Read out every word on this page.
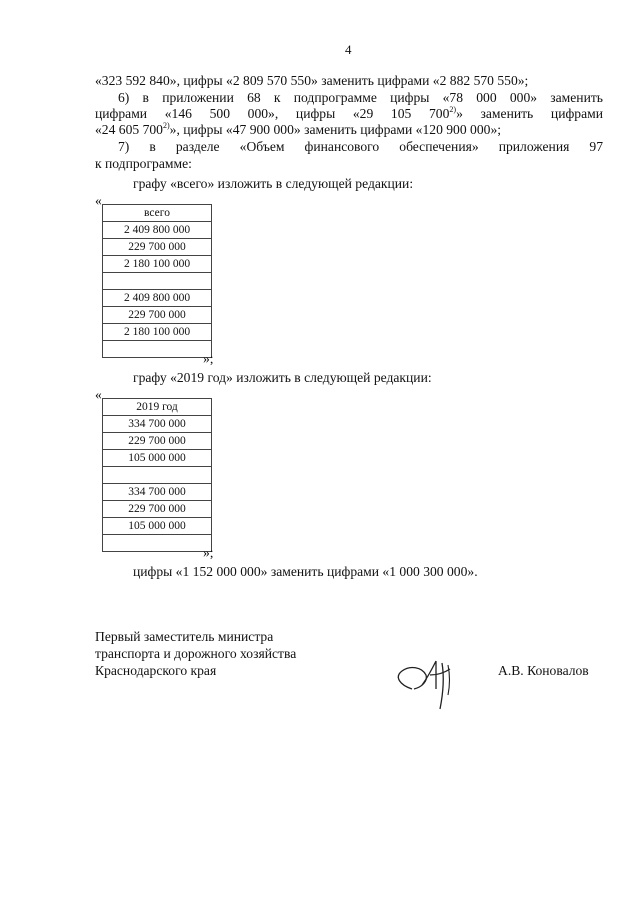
4
«323 592 840», цифры «2 809 570 550» заменить цифрами «2 882 570 550»;
6) в приложении 68 к подпрограмме цифры «78 000 000» заменить
цифрами «146 500 000», цифры «29 105 700$^{2)}$» заменить цифрами
«24 605 700$^{2)}$», цифры «47 900 000» заменить цифрами «120 900 000»;
7) в разделе «Объем финансового обеспечения» приложения 97
к подпрограмме:
графу «всего» изложить в следующей редакции:
«
всего
2 409 800 000
229 700 000
2 180 100 000

2 409 800 000
229 700 000
2 180 100 000

»;
графу «2019 год» изложить в следующей редакции:
«
2019 год
334 700 000
229 700 000
105 000 000

334 700 000
229 700 000
105 000 000

»;
цифры «1 152 000 000» заменить цифрами «1 000 300 000».
Первый заместитель министра
транспорта и дорожного хозяйства
Краснодарского края	А.В. Коновалов
